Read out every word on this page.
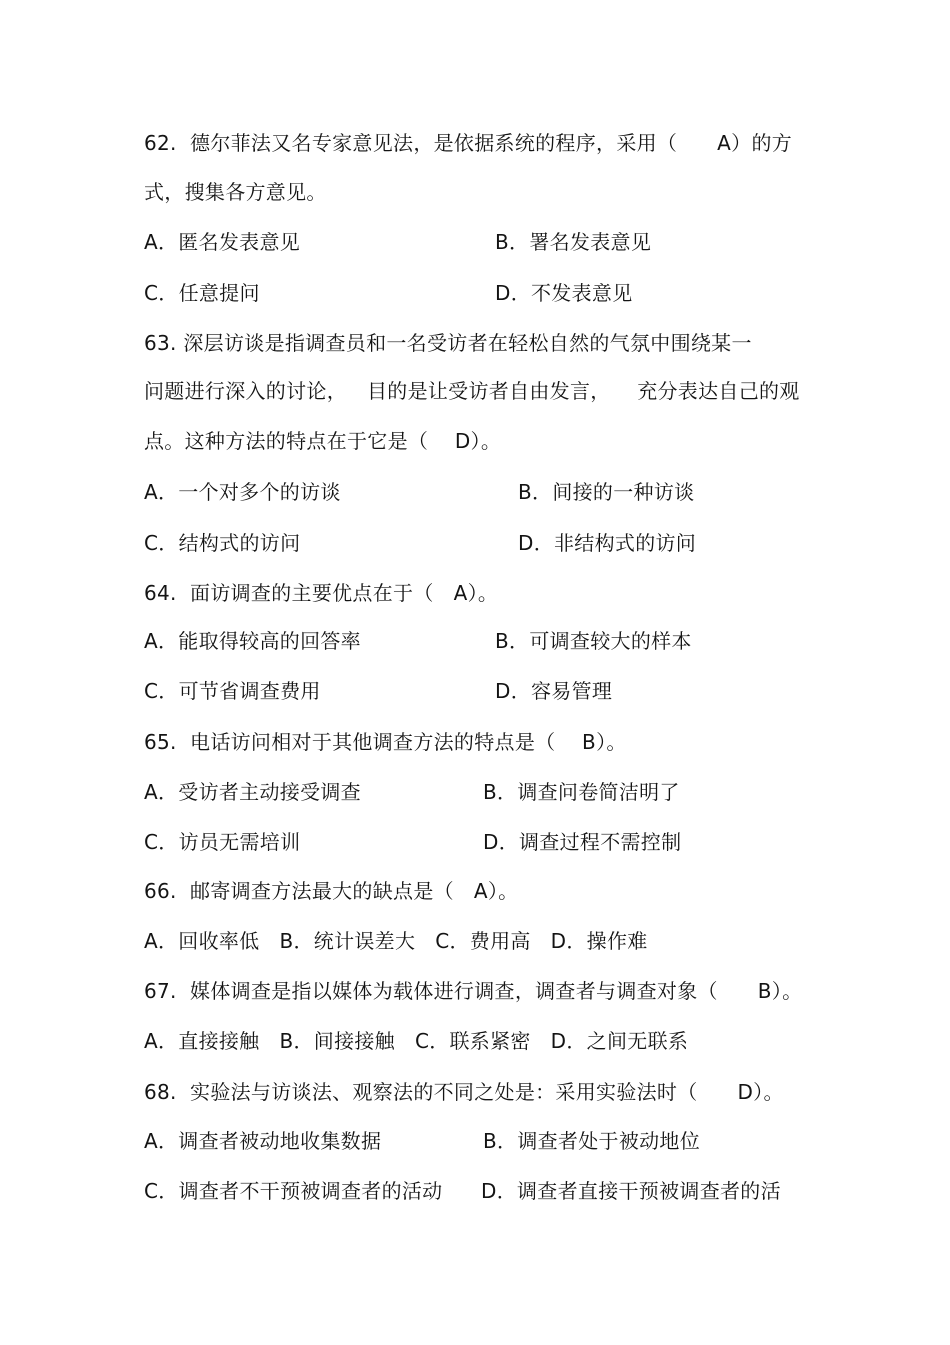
62.  德尔菲法又名专家意见法，是依据系统的程序，采用（      A）的方
式，搜集各方意见。
A．匿名发表意见	B．署名发表意见
C．任意提问	D．不发表意见
63. 深层访谈是指调查员和一名受访者在轻松自然的气氛中围绕某一
问题进行深入的讨论，   目的是让受访者自由发言，    充分表达自己的观
点。这种方法的特点在于它是（    D）。
A．一个对多个的访谈	B．间接的一种访谈
C．结构式的访问	D．非结构式的访问
64.  面访调查的主要优点在于（   A）。
A．能取得较高的回答率	B．可调查较大的样本
C．可节省调查费用	D．容易管理
65.  电话访问相对于其他调查方法的特点是（    B）。
A．受访者主动接受调查	B．调查问卷简洁明了
C．访员无需培训	D．调查过程不需控制
66.  邮寄调查方法最大的缺点是（   A）。
A．回收率低   B．统计误差大   C．费用高   D．操作难
67.  媒体调查是指以媒体为载体进行调查，调查者与调查对象（      B）。
A．直接接触   B．间接接触   C．联系紧密   D．之间无联系
68.  实验法与访谈法、观察法的不同之处是：采用实验法时（      D）。
A．调查者被动地收集数据	B．调查者处于被动地位
C．调查者不干预被调查者的活动 D．调查者直接干预被调查者的活
